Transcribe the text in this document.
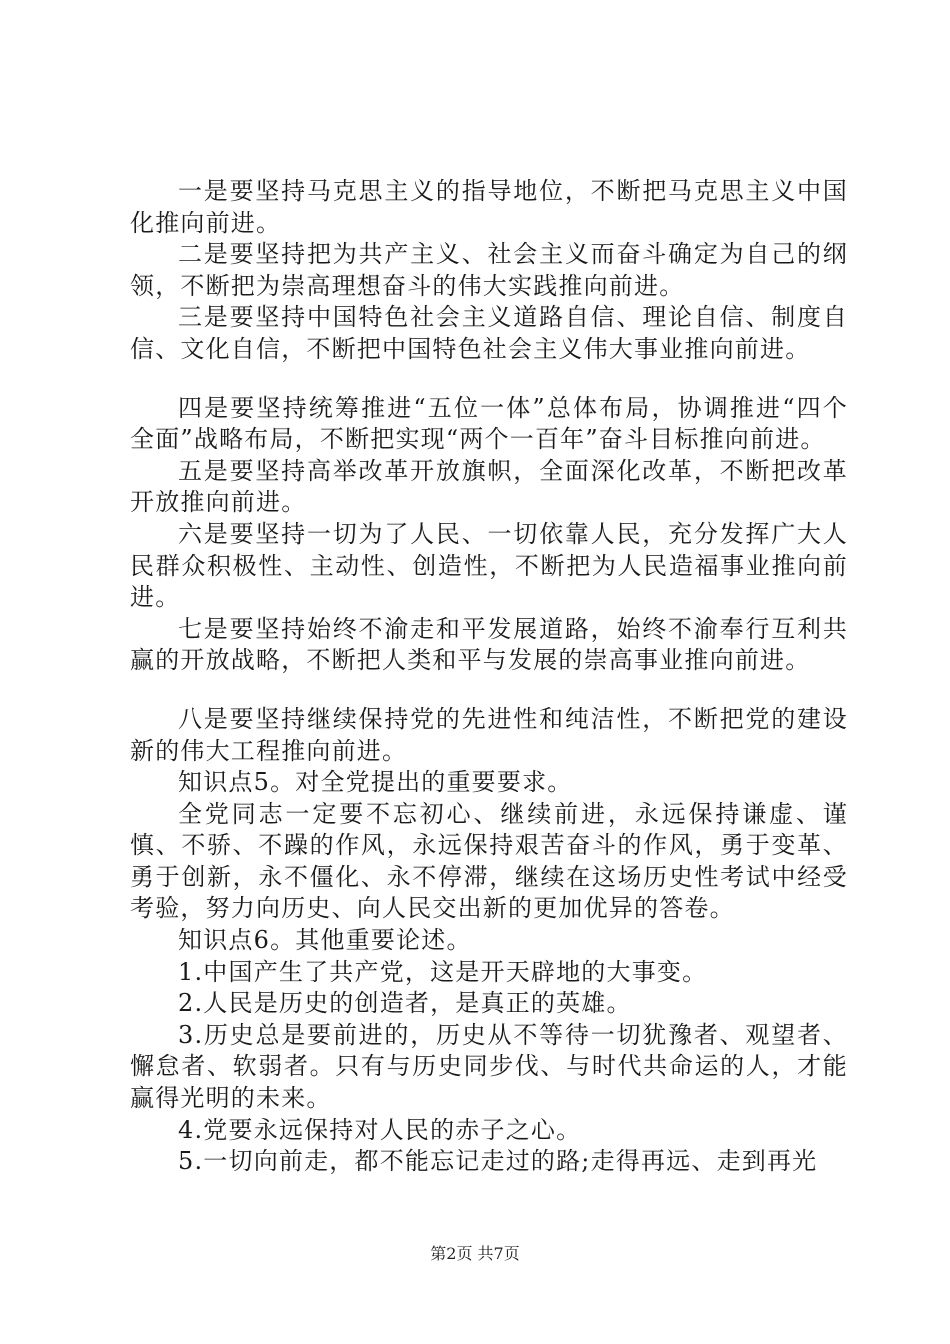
一是要坚持马克思主义的指导地位，不断把马克思主义中国化推向前进。

二是要坚持把为共产主义、社会主义而奋斗确定为自己的纲领，不断把为崇高理想奋斗的伟大实践推向前进。

三是要坚持中国特色社会主义道路自信、理论自信、制度自信、文化自信，不断把中国特色社会主义伟大事业推向前进。

四是要坚持统筹推进“五位一体”总体布局，协调推进“四个全面”战略布局，不断把实现“两个一百年”奋斗目标推向前进。

五是要坚持高举改革开放旗帜，全面深化改革，不断把改革开放推向前进。

六是要坚持一切为了人民、一切依靠人民，充分发挥广大人民群众积极性、主动性、创造性，不断把为人民造福事业推向前进。

七是要坚持始终不渝走和平发展道路，始终不渝奉行互利共赢的开放战略，不断把人类和平与发展的崇高事业推向前进。

八是要坚持继续保持党的先进性和纯洁性，不断把党的建设新的伟大工程推向前进。

知识点5。对全党提出的重要要求。

全党同志一定要不忘初心、继续前进，永远保持谦虚、谨慎、不骄、不躁的作风，永远保持艰苦奋斗的作风，勇于变革、勇于创新，永不僵化、永不停滞，继续在这场历史性考试中经受考验，努力向历史、向人民交出新的更加优异的答卷。

知识点6。其他重要论述。

1.中国产生了共产党，这是开天辟地的大事变。

2.人民是历史的创造者，是真正的英雄。

3.历史总是要前进的，历史从不等待一切犹豫者、观望者、懈怠者、软弱者。只有与历史同步伐、与时代共命运的人，才能赢得光明的未来。

4.党要永远保持对人民的赤子之心。

5.一切向前走，都不能忘记走过的路;走得再远、走到再光

第2页 共7页
